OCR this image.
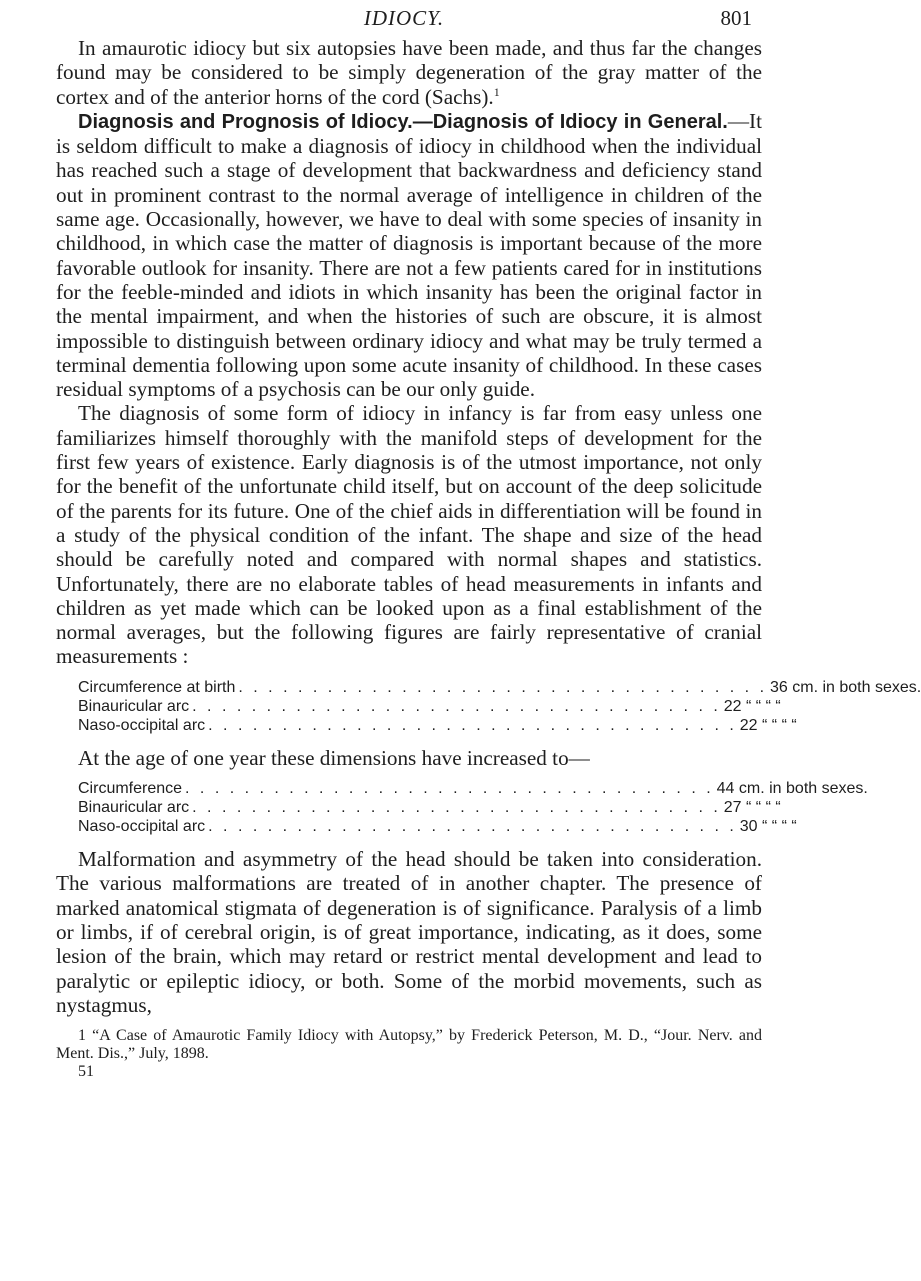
IDIOCY.	801

In amaurotic idiocy but six autopsies have been made, and thus far the changes found may be considered to be simply degeneration of the gray matter of the cortex and of the anterior horns of the cord (Sachs).$^1$

Diagnosis and Prognosis of Idiocy.—Diagnosis of Idiocy in General.—It is seldom difficult to make a diagnosis of idiocy in childhood when the individual has reached such a stage of development that backwardness and deficiency stand out in prominent contrast to the normal average of intelligence in children of the same age. Occasionally, however, we have to deal with some species of insanity in childhood, in which case the matter of diagnosis is important because of the more favorable outlook for insanity. There are not a few patients cared for in institutions for the feeble-minded and idiots in which insanity has been the original factor in the mental impairment, and when the histories of such are obscure, it is almost impossible to distinguish between ordinary idiocy and what may be truly termed a terminal dementia following upon some acute insanity of childhood. In these cases residual symptoms of a psychosis can be our only guide.

The diagnosis of some form of idiocy in infancy is far from easy unless one familiarizes himself thoroughly with the manifold steps of development for the first few years of existence. Early diagnosis is of the utmost importance, not only for the benefit of the unfortunate child itself, but on account of the deep solicitude of the parents for its future. One of the chief aids in differentiation will be found in a study of the physical condition of the infant. The shape and size of the head should be carefully noted and compared with normal shapes and statistics. Unfortunately, there are no elaborate tables of head measurements in infants and children as yet made which can be looked upon as a final establishment of the normal averages, but the following figures are fairly representative of cranial measurements :

Circumference at birth . . . . . . . . . . . . . . . . . . . . . . . . . . . . . . . . . . . . 36 cm. in both sexes.
Binauricular arc . . . . . . . . . . . . . . . . . . . . . . . . . . . . . . . . . . . . 22 “ “ “ “
Naso-occipital arc . . . . . . . . . . . . . . . . . . . . . . . . . . . . . . . . . . . . 22 “ “ “ “

At the age of one year these dimensions have increased to—

Circumference . . . . . . . . . . . . . . . . . . . . . . . . . . . . . . . . . . . . 44 cm. in both sexes.
Binauricular arc . . . . . . . . . . . . . . . . . . . . . . . . . . . . . . . . . . . . 27 “ “ “ “
Naso-occipital arc . . . . . . . . . . . . . . . . . . . . . . . . . . . . . . . . . . . . 30 “ “ “ “

Malformation and asymmetry of the head should be taken into consideration. The various malformations are treated of in another chapter. The presence of marked anatomical stigmata of degeneration is of significance. Paralysis of a limb or limbs, if of cerebral origin, is of great importance, indicating, as it does, some lesion of the brain, which may retard or restrict mental development and lead to paralytic or epileptic idiocy, or both. Some of the morbid movements, such as nystagmus,

1 “A Case of Amaurotic Family Idiocy with Autopsy,” by Frederick Peterson, M. D., “Jour. Nerv. and Ment. Dis.,” July, 1898.

51
